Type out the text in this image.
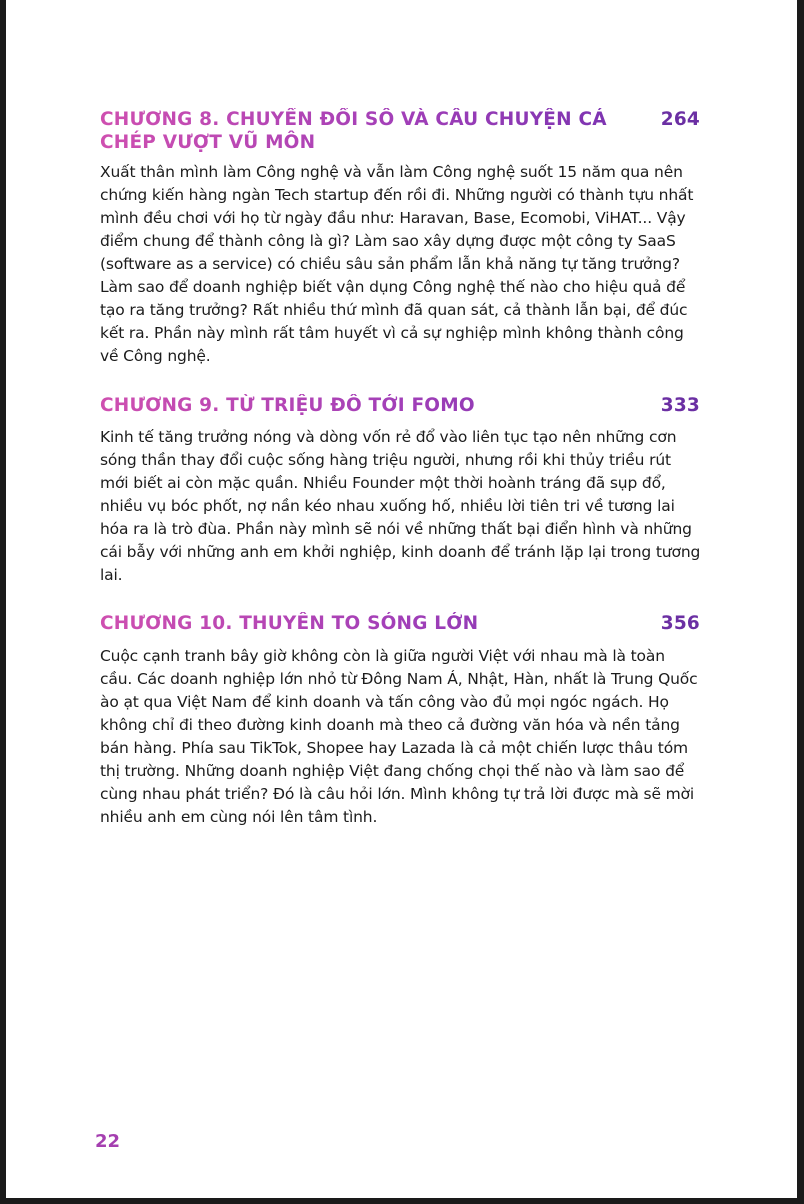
CHƯƠNG 8. CHUYỂN ĐỔI SỐ VÀ CÂU CHUYỆN CÁ CHÉP VƯỢT VŨ MÔN
264

Xuất thân mình làm Công nghệ và vẫn làm Công nghệ suốt 15 năm qua nên chứng kiến hàng ngàn Tech startup đến rồi đi. Những người có thành tựu nhất mình đều chơi với họ từ ngày đầu như: Haravan, Base, Ecomobi, ViHAT... Vậy điểm chung để thành công là gì? Làm sao xây dựng được một công ty SaaS (software as a service) có chiều sâu sản phẩm lẫn khả năng tự tăng trưởng? Làm sao để doanh nghiệp biết vận dụng Công nghệ thế nào cho hiệu quả để tạo ra tăng trưởng? Rất nhiều thứ mình đã quan sát, cả thành lẫn bại, để đúc kết ra. Phần này mình rất tâm huyết vì cả sự nghiệp mình không thành công về Công nghệ.

CHƯƠNG 9. TỪ TRIỆU ĐÔ TỚI FOMO	333

Kinh tế tăng trưởng nóng và dòng vốn rẻ đổ vào liên tục tạo nên những cơn sóng thần thay đổi cuộc sống hàng triệu người, nhưng rồi khi thủy triều rút mới biết ai còn mặc quần. Nhiều Founder một thời hoành tráng đã sụp đổ, nhiều vụ bóc phốt, nợ nần kéo nhau xuống hố, nhiều lời tiên tri về tương lai hóa ra là trò đùa. Phần này mình sẽ nói về những thất bại điển hình và những cái bẫy với những anh em khởi nghiệp, kinh doanh để tránh lặp lại trong tương lai.

CHƯƠNG 10. THUYỀN TO SÓNG LỚN	356

Cuộc cạnh tranh bây giờ không còn là giữa người Việt với nhau mà là toàn cầu. Các doanh nghiệp lớn nhỏ từ Đông Nam Á, Nhật, Hàn, nhất là Trung Quốc ào ạt qua Việt Nam để kinh doanh và tấn công vào đủ mọi ngóc ngách. Họ không chỉ đi theo đường kinh doanh mà theo cả đường văn hóa và nền tảng bán hàng. Phía sau TikTok, Shopee hay Lazada là cả một chiến lược thâu tóm thị trường. Những doanh nghiệp Việt đang chống chọi thế nào và làm sao để cùng nhau phát triển? Đó là câu hỏi lớn. Mình không tự trả lời được mà sẽ mời nhiều anh em cùng nói lên tâm tình.

22
